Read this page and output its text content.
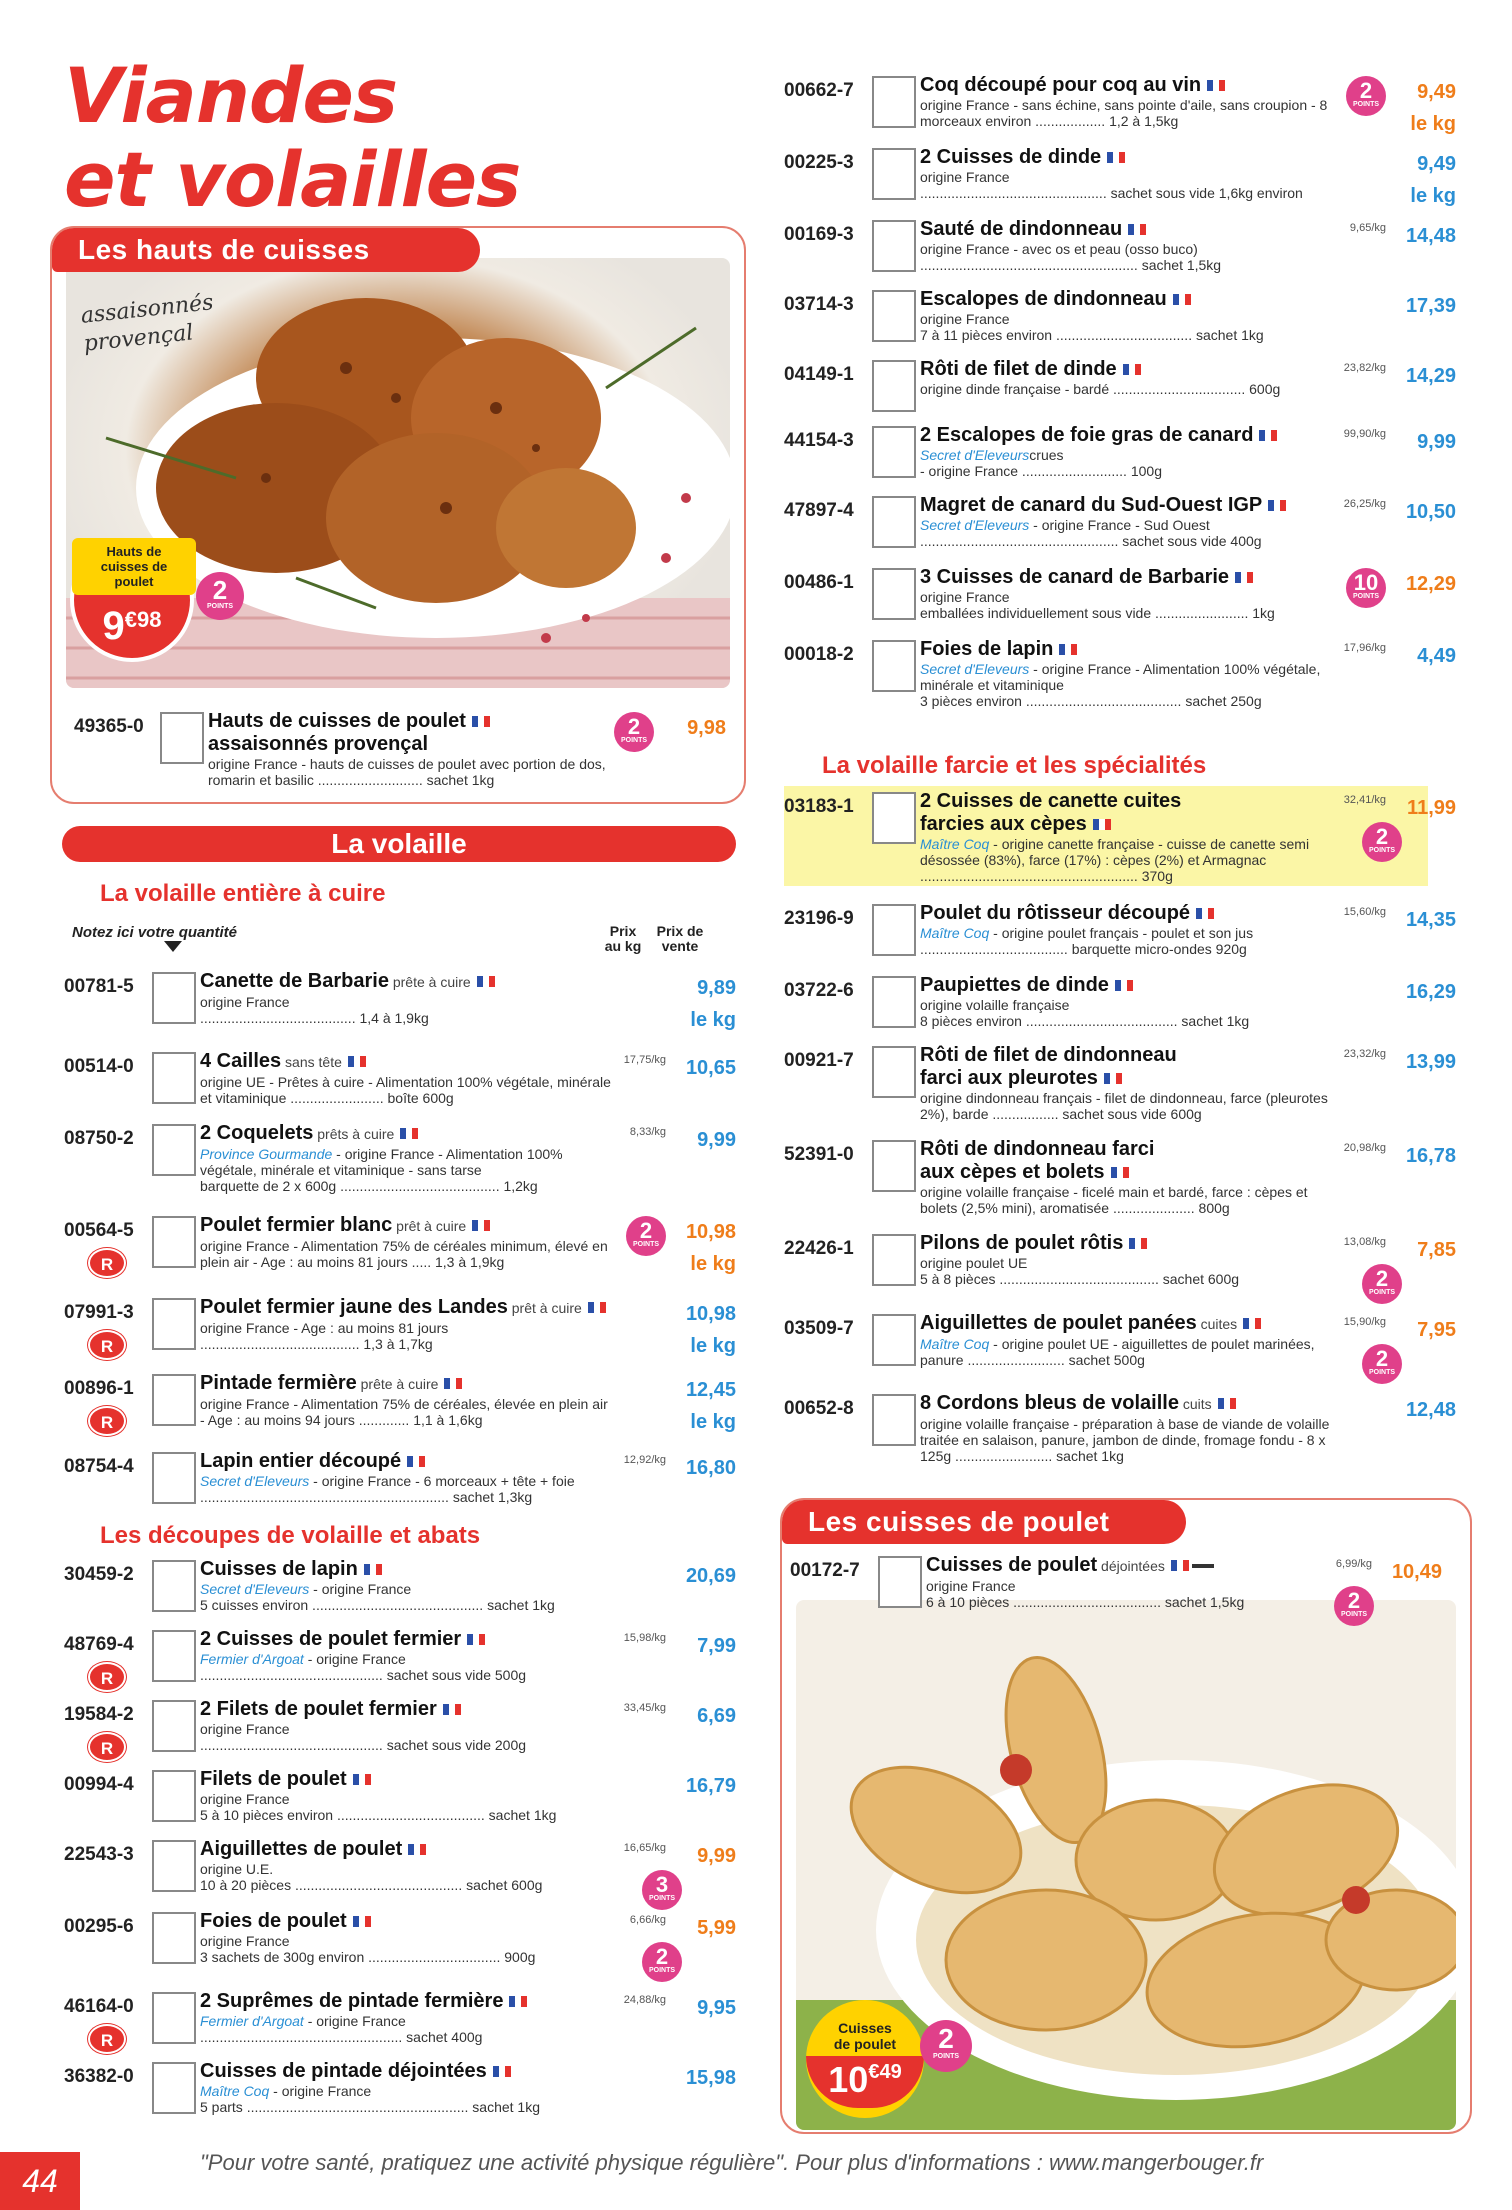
Viandes
et volailles
Les hauts de cuisses
assaisonnés provençal
Hauts de cuisses de poulet
9€98
2
POINTS
49365-0	Hauts de cuisses de poulet
assaisonnés provençal
origine France - hauts de cuisses de poulet avec portion de dos, romarin et basilic ........................... sachet 1kg
2
POINTS
9,98
La volaille
La volaille entière à cuire
Notez ici votre quantité	Prix au kg
Prix de vente
00781-5	Canette de Barbarie prête à cuire
origine France
........................................ 1,4 à 1,9kg
9,89
le kg
00514-0	4 Cailles sans tête
origine UE - Prêtes à cuire - Alimentation 100% végétale, minérale et vitaminique ........................ boîte 600g
17,75/kg 10,65
08750-2	2 Coquelets prêts à cuire
Province Gourmande - origine France - Alimentation 100% végétale, minérale et vitaminique - sans tarse
barquette de 2 x 600g ......................................... 1,2kg
8,33/kg 9,99
00564-5
R
Poulet fermier blanc prêt à cuire
origine France - Alimentation 75% de céréales minimum, élevé en plein air - Age : au moins 81 jours ..... 1,3 à 1,9kg
2
POINTS
10,98
le kg
07991-3
R
Poulet fermier jaune des Landes prêt à cuire
origine France - Age : au moins 81 jours
......................................... 1,3 à 1,7kg
10,98
le kg
00896-1
R
Pintade fermière prête à cuire
origine France - Alimentation 75% de céréales, élevée en plein air - Age : au moins 94 jours ............. 1,1 à 1,6kg
12,45
le kg
08754-4	Lapin entier découpé
Secret d'Eleveurs - origine France - 6 morceaux + tête + foie
................................................................ sachet 1,3kg
12,92/kg 16,80
Les découpes de volaille et abats
30459-2	Cuisses de lapin
Secret d'Eleveurs - origine France
5 cuisses environ ............................................ sachet 1kg
20,69
48769-4
R
2 Cuisses de poulet fermier
Fermier d'Argoat - origine France
............................................... sachet sous vide 500g
15,98/kg 7,99
19584-2
R
2 Filets de poulet fermier
origine France
............................................... sachet sous vide 200g
33,45/kg 6,69
00994-4	Filets de poulet
origine France
5 à 10 pièces environ ...................................... sachet 1kg
16,79
22543-3	Aiguillettes de poulet
origine U.E.
10 à 20 pièces ........................................... sachet 600g
16,65/kg
3
POINTS
9,99
00295-6	Foies de poulet
origine France
3 sachets de 300g environ .................................. 900g
6,66/kg
2
POINTS
5,99
46164-0
R
2 Suprêmes de pintade fermière
Fermier d'Argoat - origine France
.................................................... sachet 400g
24,88/kg 9,95
36382-0	Cuisses de pintade déjointées
Maître Coq - origine France
5 parts ......................................................... sachet 1kg
15,98
00662-7	Coq découpé pour coq au vin
origine France - sans échine, sans pointe d'aile, sans croupion - 8 morceaux environ .................. 1,2 à 1,5kg
2
POINTS
9,49
le kg
00225-3	2 Cuisses de dinde
origine France
................................................ sachet sous vide 1,6kg environ
9,49
le kg
00169-3	Sauté de dindonneau
origine France - avec os et peau (osso buco)
........................................................ sachet 1,5kg
9,65/kg 14,48
03714-3	Escalopes de dindonneau
origine France
7 à 11 pièces environ ................................... sachet 1kg
17,39
04149-1	Rôti de filet de dinde
origine dinde française - bardé .................................. 600g
23,82/kg 14,29
44154-3	2 Escalopes de foie gras de canard
Secret d'Eleveurscrues
- origine France ........................... 100g
99,90/kg 9,99
47897-4	Magret de canard du Sud-Ouest IGP
Secret d'Eleveurs - origine France - Sud Ouest
................................................... sachet sous vide 400g
26,25/kg 10,50
00486-1	3 Cuisses de canard de Barbarie
origine France
emballées individuellement sous vide ........................ 1kg
10
POINTS
12,29
00018-2	Foies de lapin
Secret d'Eleveurs - origine France - Alimentation 100% végétale, minérale et vitaminique
3 pièces environ ........................................ sachet 250g
17,96/kg 4,49
La volaille farcie et les spécialités
03183-1	2 Cuisses de canette cuites
farcies aux cèpes
Maître Coq - origine canette française - cuisse de canette semi désossée (83%), farce (17%) : cèpes (2%) et Armagnac ........................................................ 370g
32,41/kg
2
POINTS
11,99
23196-9	Poulet du rôtisseur découpé
Maître Coq - origine poulet français - poulet et son jus
...................................... barquette micro-ondes 920g
15,60/kg 14,35
03722-6	Paupiettes de dinde
origine volaille française
8 pièces environ ....................................... sachet 1kg
16,29
00921-7	Rôti de filet de dindonneau
farci aux pleurotes
origine dindonneau français - filet de dindonneau, farce (pleurotes 2%), barde ................. sachet sous vide 600g
23,32/kg 13,99
52391-0	Rôti de dindonneau farci
aux cèpes et bolets
origine volaille française - ficelé main et bardé, farce : cèpes et bolets (2,5% mini), aromatisée ..................... 800g
20,98/kg 16,78
22426-1	Pilons de poulet rôtis
origine poulet UE
5 à 8 pièces ......................................... sachet 600g
13,08/kg
2
POINTS
7,85
03509-7	Aiguillettes de poulet panées cuites
Maître Coq - origine poulet UE - aiguillettes de poulet marinées, panure ......................... sachet 500g
15,90/kg
2
POINTS
7,95
00652-8	8 Cordons bleus de volaille cuits
origine volaille française - préparation à base de viande de volaille traitée en salaison, panure, jambon de dinde, fromage fondu - 8 x 125g ......................... sachet 1kg
12,48
Les cuisses de poulet
00172-7	Cuisses de poulet déjointées
origine France
6 à 10 pièces ...................................... sachet 1,5kg
6,99/kg
2
POINTS
10,49
Cuisses de poulet
10€49
2
POINTS
44
"Pour votre santé, pratiquez une activité physique régulière". Pour plus d'informations : www.mangerbouger.fr
